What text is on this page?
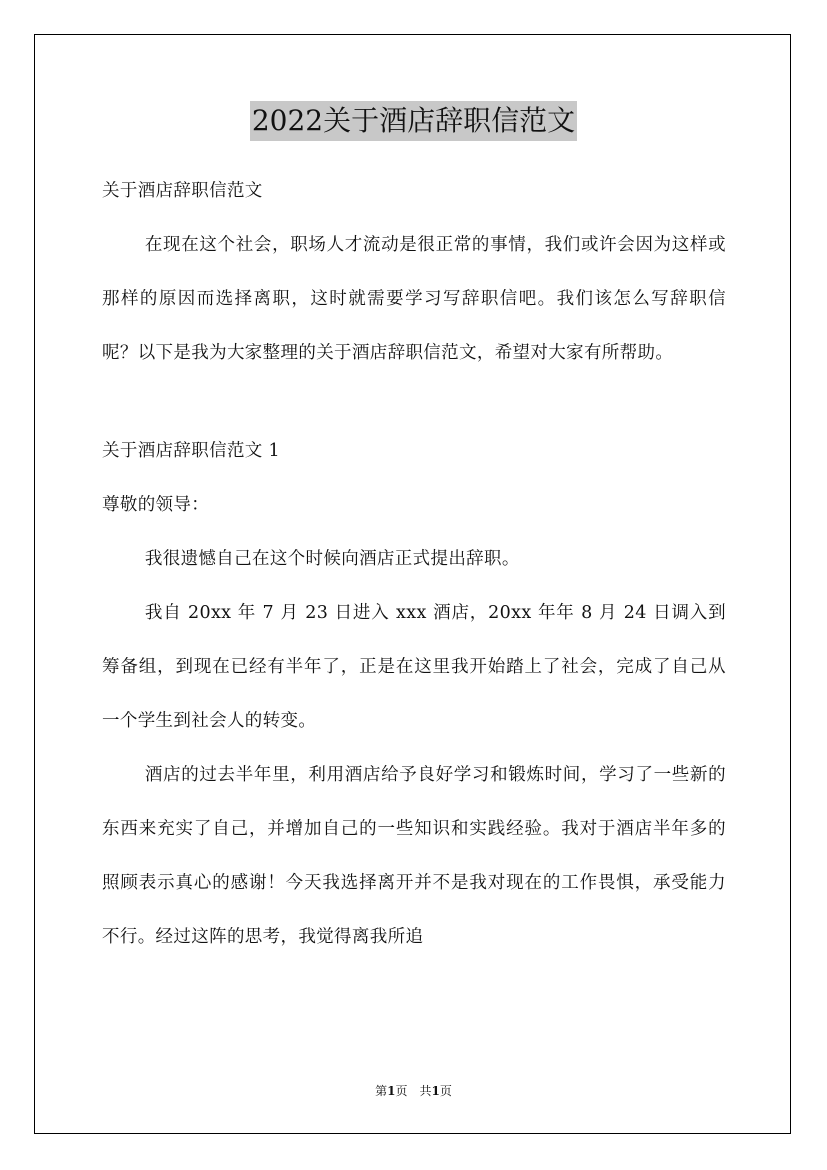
2022关于酒店辞职信范文

关于酒店辞职信范文

在现在这个社会，职场人才流动是很正常的事情，我们或许会因为这样或那样的原因而选择离职，这时就需要学习写辞职信吧。我们该怎么写辞职信呢？以下是我为大家整理的关于酒店辞职信范文，希望对大家有所帮助。

关于酒店辞职信范文 1

尊敬的领导：

我很遗憾自己在这个时候向酒店正式提出辞职。

我自 20xx 年 7 月 23 日进入 xxx 酒店，20xx 年年 8 月 24 日调入到筹备组，到现在已经有半年了，正是在这里我开始踏上了社会，完成了自己从一个学生到社会人的转变。

酒店的过去半年里，利用酒店给予良好学习和锻炼时间，学习了一些新的东西来充实了自己，并增加自己的一些知识和实践经验。我对于酒店半年多的照顾表示真心的感谢！今天我选择离开并不是我对现在的工作畏惧，承受能力不行。经过这阵的思考，我觉得离我所追

第1页　共1页
